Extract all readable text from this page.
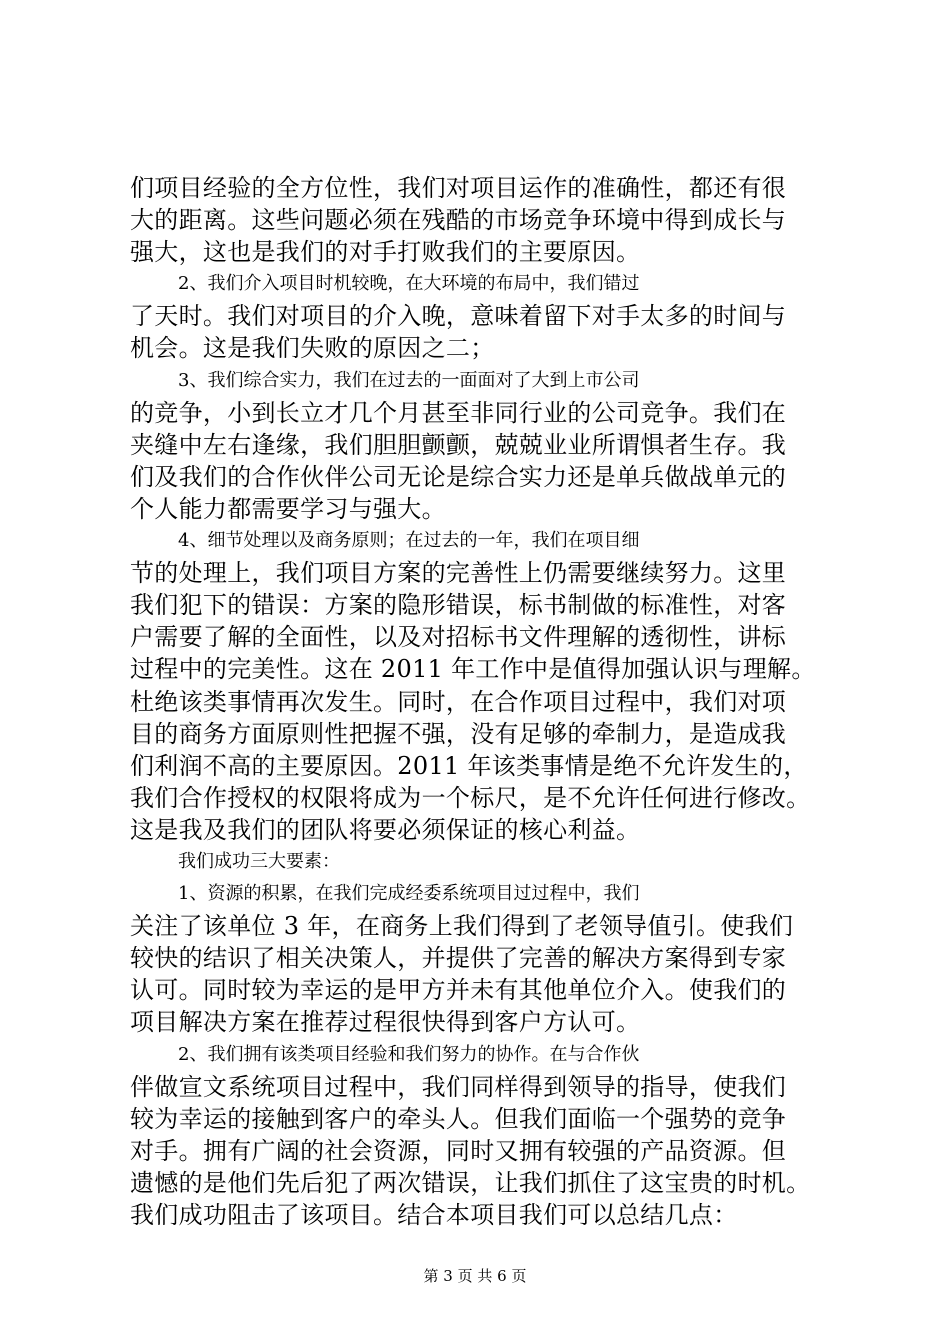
们项目经验的全方位性，我们对项目运作的准确性，都还有很
大的距离。这些问题必须在残酷的市场竞争环境中得到成长与
强大，这也是我们的对手打败我们的主要原因。
2、我们介入项目时机较晚，在大环境的布局中，我们错过
了天时。我们对项目的介入晚，意味着留下对手太多的时间与
机会。这是我们失败的原因之二；
3、我们综合实力，我们在过去的一面面对了大到上市公司
的竞争，小到长立才几个月甚至非同行业的公司竞争。我们在
夹缝中左右逢缘，我们胆胆颤颤，兢兢业业所谓惧者生存。我
们及我们的合作伙伴公司无论是综合实力还是单兵做战单元的
个人能力都需要学习与强大。
4、细节处理以及商务原则；在过去的一年，我们在项目细
节的处理上，我们项目方案的完善性上仍需要继续努力。这里
我们犯下的错误：方案的隐形错误，标书制做的标准性，对客
户需要了解的全面性，以及对招标书文件理解的透彻性，讲标
过程中的完美性。这在 2011 年工作中是值得加强认识与理解。
杜绝该类事情再次发生。同时，在合作项目过程中，我们对项
目的商务方面原则性把握不强，没有足够的牵制力，是造成我
们利润不高的主要原因。2011 年该类事情是绝不允许发生的，
我们合作授权的权限将成为一个标尺，是不允许任何进行修改。
这是我及我们的团队将要必须保证的核心利益。
我们成功三大要素：
1、资源的积累，在我们完成经委系统项目过过程中，我们
关注了该单位 3 年，在商务上我们得到了老领导值引。使我们
较快的结识了相关决策人，并提供了完善的解决方案得到专家
认可。同时较为幸运的是甲方并未有其他单位介入。使我们的
项目解决方案在推荐过程很快得到客户方认可。
2、我们拥有该类项目经验和我们努力的协作。在与合作伙
伴做宣文系统项目过程中，我们同样得到领导的指导，使我们
较为幸运的接触到客户的牵头人。但我们面临一个强势的竞争
对手。拥有广阔的社会资源，同时又拥有较强的产品资源。但
遗憾的是他们先后犯了两次错误，让我们抓住了这宝贵的时机。
我们成功阻击了该项目。结合本项目我们可以总结几点：
第 3 页 共 6 页
